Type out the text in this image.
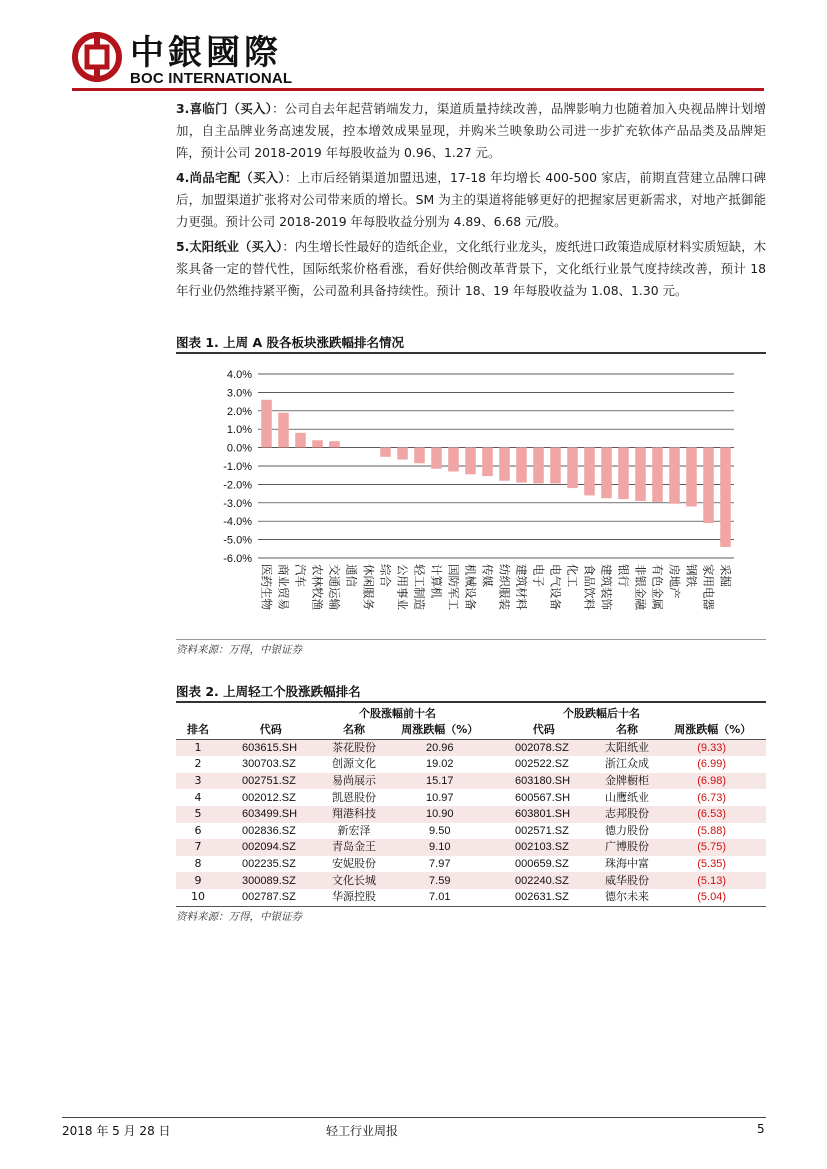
中銀國際
BOC INTERNATIONAL
3.喜临门（买入）：公司自去年起营销端发力，渠道质量持续改善，品牌影响力也随着加入央视品牌计划增加，自主品牌业务高速发展，控本增效成果显现，并购米兰映象助公司进一步扩充软体产品品类及品牌矩阵，预计公司 2018-2019 年每股收益为 0.96、1.27 元。
4.尚品宅配（买入）：上市后经销渠道加盟迅速，17-18 年均增长 400-500 家店，前期直营建立品牌口碑后，加盟渠道扩张将对公司带来质的增长。SM 为主的渠道将能够更好的把握家居更新需求，对地产抵御能力更强。预计公司 2018-2019 年每股收益分别为 4.89、6.68 元/股。
5.太阳纸业（买入）：内生增长性最好的造纸企业，文化纸行业龙头，废纸进口政策造成原材料实质短缺，木浆具备一定的替代性，国际纸浆价格看涨，看好供给侧改革背景下，文化纸行业景气度持续改善，预计 18 年行业仍然维持紧平衡，公司盈利具备持续性。预计 18、19 年每股收益为 1.08、1.30 元。
图表 1. 上周 A 股各板块涨跌幅排名情况
4.0%
3.0%
2.0%
1.0%
0.0%
-1.0%
-2.0%
-3.0%
-4.0%
-5.0%
-6.0%
医药生物 商业贸易 汽车 农林牧渔 交通运输 通信 休闲服务 综合 公用事业 轻工制造 计算机 国防军工 机械设备 传媒 纺织服装 建筑材料 电子 电气设备 化工 食品饮料 建筑装饰 银行 非银金融 有色金属 房地产 钢铁 家用电器 采掘
资料来源：万得，中银证券
图表 2. 上周轻工个股涨跌幅排名
个股涨幅前十名				个股跌幅后十名		
排名	代码	名称	周涨跌幅（%）	代码	名称	周涨跌幅（%）
1	603615.SH	茶花股份	20.96	002078.SZ	太阳纸业	(9.33)
2	300703.SZ	创源文化	19.02	002522.SZ	浙江众成	(6.99)
3	002751.SZ	易尚展示	15.17	603180.SH	金牌橱柜	(6.98)
4	002012.SZ	凯恩股份	10.97	600567.SH	山鹰纸业	(6.73)
5	603499.SH	翔港科技	10.90	603801.SH	志邦股份	(6.53)
6	002836.SZ	新宏泽	9.50	002571.SZ	德力股份	(5.88)
7	002094.SZ	青岛金王	9.10	002103.SZ	广博股份	(5.75)
8	002235.SZ	安妮股份	7.97	000659.SZ	珠海中富	(5.35)
9	300089.SZ	文化长城	7.59	002240.SZ	威华股份	(5.13)
10	002787.SZ	华源控股	7.01	002631.SZ	德尔未来	(5.04)
资料来源：万得，中银证券
2018 年 5 月 28 日	轻工行业周报	5
